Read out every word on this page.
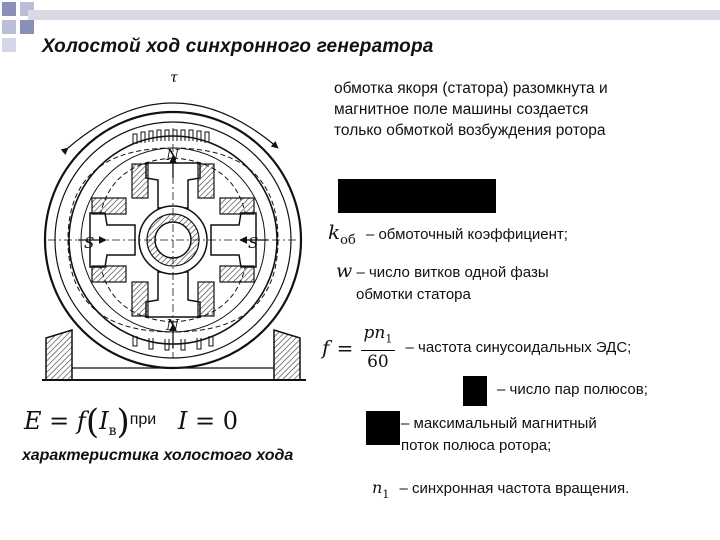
Холостой ход синхронного генератора
τ
N
N
S	S
обмотка якоря (статора) разомкнута и магнитное поле машины создается только обмоткой возбуждения ротора
kоб – обмоточный коэффициент;
w – число витков одной фазы
обмотки статора
$f = \frac{pn_1}{60}$ – частота синусоидальных ЭДС;
– число пар полюсов;
– максимальный магнитный
поток полюса ротора;
$n_1$ – синхронная частота вращения.
$E = f(I_в)^{при}$ I = 0
характеристика холостого хода
